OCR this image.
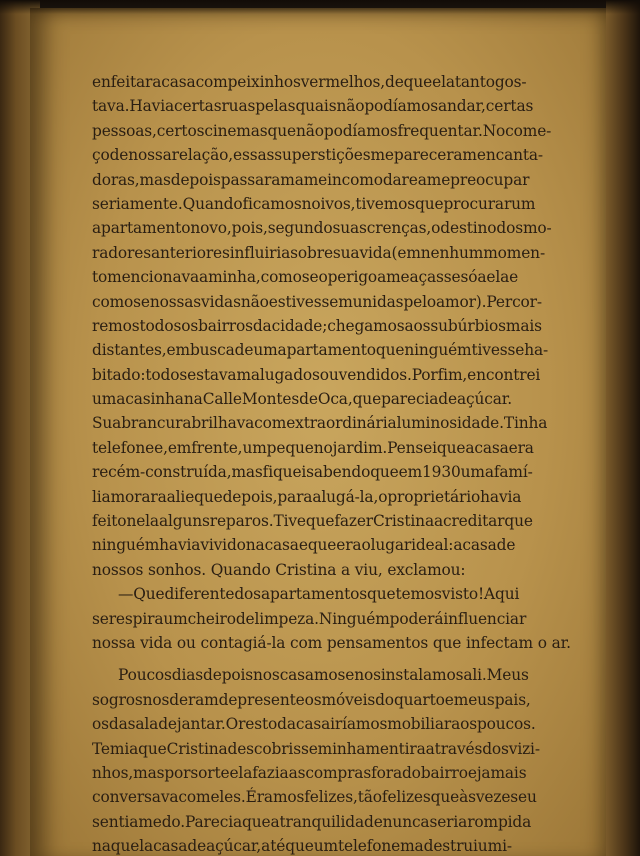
enfeitar a casa com peixinhos vermelhos, de que ela tanto gos-
tava. Havia certas ruas pelas quais não podíamos andar, certas
pessoas, certos cinemas que não podíamos frequentar. No come-
ço de nossa relação, essas superstições me pareceram encanta-
doras, mas depois passaram a me incomodar e a me preocupar
seriamente. Quando ficamos noivos, tivemos que procurar um
apartamento novo, pois, segundo suas crenças, o destino dos mo-
radores anteriores influiria sobre sua vida (em nenhum momen-
to mencionava a minha, como se o perigo ameaçasse só a ela e
como se nossas vidas não estivessem unidas pelo amor). Percor-
remos todos os bairros da cidade; chegamos aos subúrbios mais
distantes, em busca de um apartamento que ninguém tivesse ha-
bitado: todos estavam alugados ou vendidos. Por fim, encontrei
uma casinha na Calle Montes de Oca, que parecia de açúcar.
Sua brancura brilhava com extraordinária luminosidade. Tinha
telefone e, em frente, um pequeno jardim. Pensei que a casa era
recém-construída, mas fiquei sabendo que em 1930 uma famí-
lia morara ali e que depois, para alugá-la, o proprietário havia
feito nela alguns reparos. Tive que fazer Cristina acreditar que
ninguém havia vivido na casa e que era o lugar ideal: a casa de
nossos sonhos. Quando Cristina a viu, exclamou:
— Que diferente dos apartamentos que temos visto! Aqui
se respira um cheiro de limpeza. Ninguém poderá influenciar
nossa vida ou contagiá-la com pensamentos que infectam o ar.
Poucos dias depois nos casamos e nos instalamos ali. Meus
sogros nos deram de presente os móveis do quarto e meus pais,
os da sala de jantar. O resto da casa iríamos mobiliar aos poucos.
Temia que Cristina descobrisse minha mentira através dos vizi-
nhos, mas por sorte ela fazia as compras fora do bairro e jamais
conversava com eles. Éramos felizes, tão felizes que às vezes eu
sentia medo. Parecia que a tranquilidade nunca seria rompida
naquela casa de açúcar, até que um telefonema destruiu mi-
